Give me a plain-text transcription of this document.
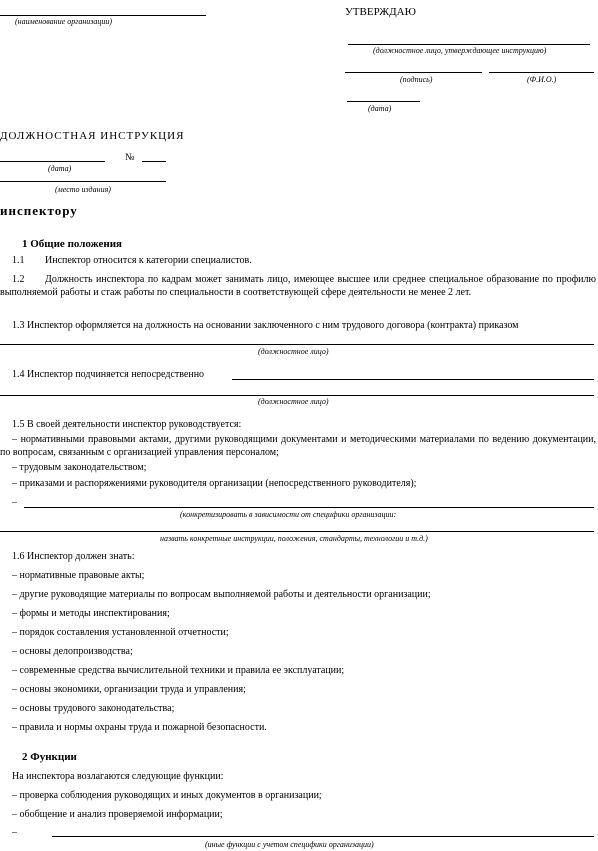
(наименование организации)
УТВЕРЖДАЮ
(должностное лицо, утверждающее инструкцию)
(подпись)	(Ф.И.О.)
(дата)
ДОЛЖНОСТНАЯ ИНСТРУКЦИЯ
№
(дата)
(место издания)
инспектору
1 Общие положения
1.1 Инспектор относится к категории специалистов.
1.2	Должность инспектора по кадрам может занимать лицо, имеющее высшее или среднее специальное образование по профилю выполняемой работы и стаж работы по специальности в соответствующей сфере деятельности не менее 2 лет.
1.3 Инспектор оформляется на должность на основании заключенного с ним трудового договора (контракта) приказом
(должностное лицо)
1.4 Инспектор подчиняется непосредственно
(должностное лицо)
1.5 В своей деятельности инспектор руководствуется:
– нормативными правовыми актами, другими руководящими документами и методическими материалами по ведению документации, по вопросам, связанным с организацией управления персоналом;
– трудовым законодательством;
– приказами и распоряжениями руководителя организации (непосредственного руководителя);
–
(конкретизировать в зависимости от специфики организации:
назвать конкретные инструкции, положения, стандарты, технологии и т.д.)
1.6 Инспектор должен знать:
– нормативные правовые акты;
– другие руководящие материалы по вопросам выполняемой работы и деятельности организации;
– формы и методы инспектирования;
– порядок составления установленной отчетности;
– основы делопроизводства;
– современные средства вычислительной техники и правила ее эксплуатации;
– основы экономики, организации труда и управления;
– основы трудового законодательства;
– правила и нормы охраны труда и пожарной безопасности.
2 Функции
На инспектора возлагаются следующие функции:
– проверка соблюдения руководящих и иных документов в организации;
– обобщение и анализ проверяемой информации;
–
(иные функции с учетом специфики организации)
